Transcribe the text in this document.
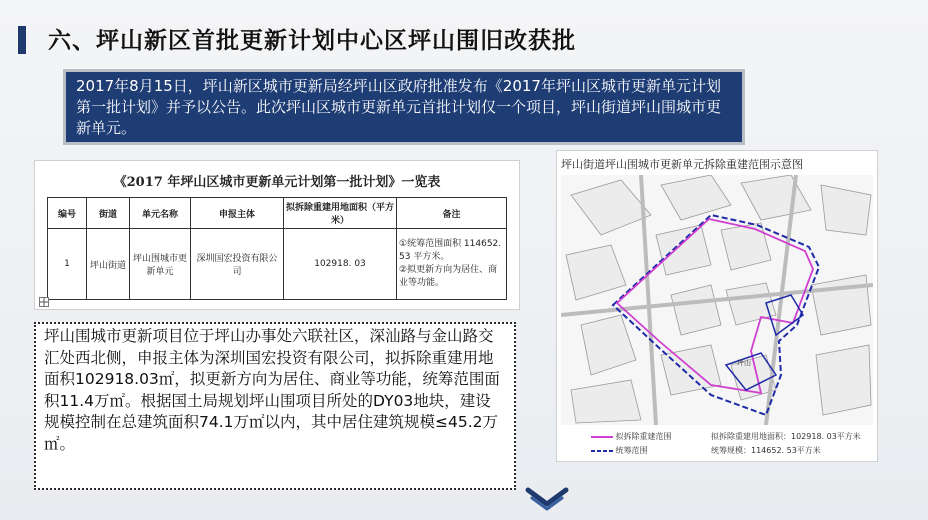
六、坪山新区首批更新计划中心区坪山围旧改获批
2017年8月15日，坪山新区城市更新局经坪山区政府批准发布《2017年坪山区城市更新单元计划第一批计划》并予以公告。此次坪山区城市更新单元首批计划仅一个项目，坪山街道坪山围城市更新单元。
《2017 年坪山区城市更新单元计划第一批计划》一览表
编号	街道	单元名称	申报主体	拟拆除重建用地面积（平方米）	备注
1	坪山街道	坪山围城市更新单元	深圳国宏投资有限公司	102918. 03	①统筹范围面积 114652. 53 平方米。
②拟更新方向为居住、商业等功能。
坪山围城市更新项目位于坪山办事处六联社区，深汕路与金山路交汇处西北侧，申报主体为深圳国宏投资有限公司，拟拆除重建用地面积102918.03㎡，拟更新方向为居住、商业等功能，统筹范围面积11.4万㎡。根据国土局规划坪山围项目所处的DY03地块，建设规模控制在总建筑面积74.1万㎡以内，其中居住建筑规模≤45.2万㎡。
坪山街道坪山围城市更新单元拆除重建范围示意图
坪山
拟拆除重建范围	拟拆除重建用地面积：102918. 03平方米
统筹范围	统筹规模：114652. 53平方米
